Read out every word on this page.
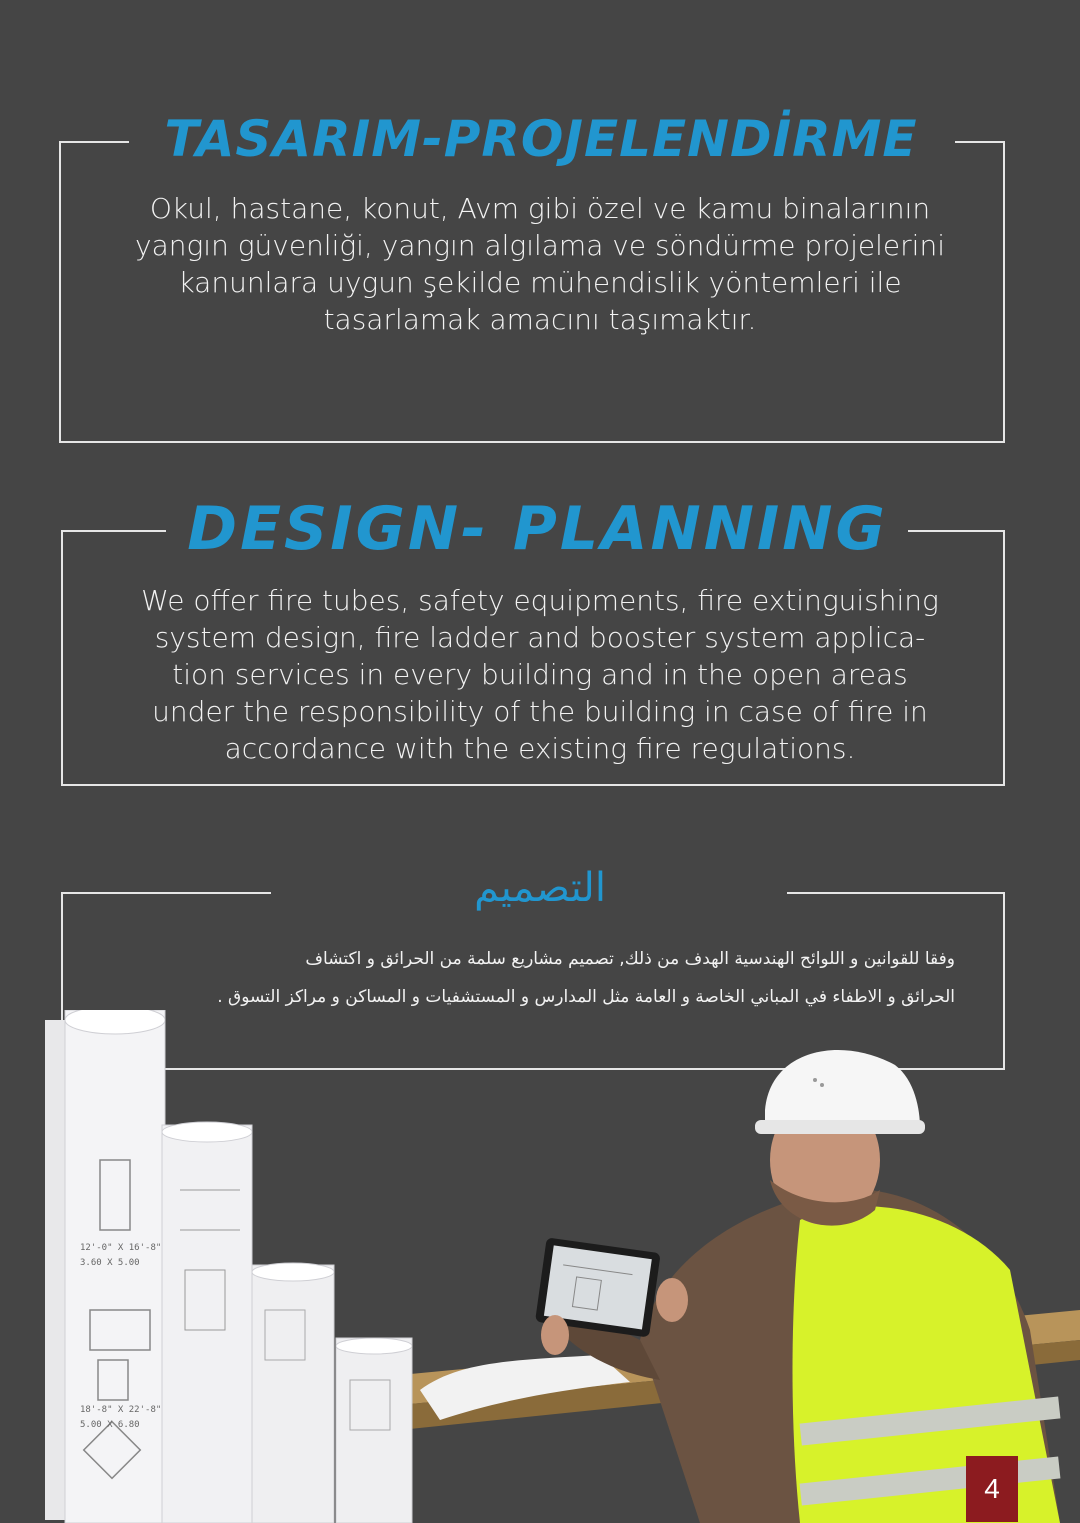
TASARIM-PROJELENDİRME
Okul, hastane, konut, Avm gibi özel ve kamu binalarının
yangın güvenliği, yangın algılama ve söndürme projelerini
kanunlara uygun şekilde mühendislik yöntemleri ile
tasarlamak amacını taşımaktır.
DESIGN- PLANNING
We offer fire tubes, safety equipments, fire extinguishing
system design, fire ladder and booster system applica-
tion services in every building and in the open areas
under the responsibility of the building in case of fire in
accordance with the existing fire regulations.
التصميم
وفقا للقوانين و اللوائح الهندسية الهدف من ذلك, تصميم مشاريع سلمة من الحرائق و اكتشاف
الحرائق و الاطفاء في المباني الخاصة و العامة مثل المدارس و المستشفيات و المساكن و مراكز التسوق .
12'-0" X 16'-8"
3.60 X 5.00
18'-8" X 22'-8"
5.00 X 6.80
4
